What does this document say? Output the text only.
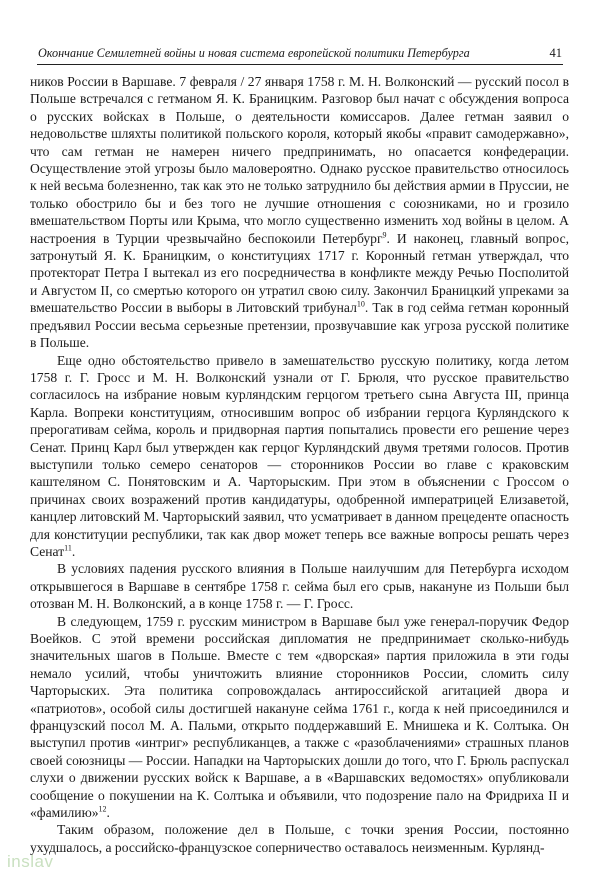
Окончание Семилетней войны и новая система европейской политики Петербурга	41

ников России в Варшаве. 7 февраля / 27 января 1758 г. М. Н. Волконский — русский посол в Польше встречался с гетманом Я. К. Браницким. Разговор был начат с обсуждения вопроса о русских войсках в Польше, о деятельности комиссаров. Далее гетман заявил о недовольстве шляхты политикой польского короля, который якобы «правит самодержавно», что сам гетман не намерен ничего предпринимать, но опасается конфедерации. Осуществление этой угрозы было маловероятно. Однако русское правительство относилось к ней весьма болезненно, так как это не только затруднило бы действия армии в Пруссии, не только обострило бы и без того не лучшие отношения с союзниками, но и грозило вмешательством Порты или Крыма, что могло существенно изменить ход войны в целом. А настроения в Турции чрезвычайно беспокоили Петербург$^9$. И наконец, главный вопрос, затронутый Я. К. Браницким, о конституциях 1717 г. Коронный гетман утверждал, что протекторат Петра I вытекал из его посредничества в конфликте между Речью Посполитой и Августом II, со смертью которого он утратил свою силу. Закончил Браницкий упреками за вмешательство России в выборы в Литовский трибунал$^{10}$. Так в год сейма гетман коронный предъявил России весьма серьезные претензии, прозвучавшие как угроза русской политике в Польше.

Еще одно обстоятельство привело в замешательство русскую политику, когда летом 1758 г. Г. Гросс и М. Н. Волконский узнали от Г. Брюля, что русское правительство согласилось на избрание новым курляндским герцогом третьего сына Августа III, принца Карла. Вопреки конституциям, относившим вопрос об избрании герцога Курляндского к прерогативам сейма, король и придворная партия попытались провести его решение через Сенат. Принц Карл был утвержден как герцог Курляндский двумя третями голосов. Против выступили только семеро сенаторов — сторонников России во главе с краковским каштеляном С. Понятовским и А. Чарторыским. При этом в объяснении с Гроссом о причинах своих возражений против кандидатуры, одобренной императрицей Елизаветой, канцлер литовский М. Чарторыский заявил, что усматривает в данном прецеденте опасность для конституции республики, так как двор может теперь все важные вопросы решать через Сенат$^{11}$.

В условиях падения русского влияния в Польше наилучшим для Петербурга исходом открывшегося в Варшаве в сентябре 1758 г. сейма был его срыв, накануне из Польши был отозван М. Н. Волконский, а в конце 1758 г. — Г. Гросс.

В следующем, 1759 г. русским министром в Варшаве был уже генерал-поручик Федор Воейков. С этой времени российская дипломатия не предпринимает сколько-нибудь значительных шагов в Польше. Вместе с тем «дворская» партия приложила в эти годы немало усилий, чтобы уничтожить влияние сторонников России, сломить силу Чарторыских. Эта политика сопровождалась антироссийской агитацией двора и «патриотов», особой силы достигшей накануне сейма 1761 г., когда к ней присоединился и французский посол М. А. Пальми, открыто поддержавший Е. Мнишека и К. Солтыка. Он выступил против «интриг» республиканцев, а также с «разоблачениями» страшных планов своей союзницы — России. Нападки на Чарторыских дошли до того, что Г. Брюль распускал слухи о движении русских войск к Варшаве, а в «Варшавских ведомостях» опубликовали сообщение о покушении на К. Солтыка и объявили, что подозрение пало на Фридриха II и «фамилию»$^{12}$.

Таким образом, положение дел в Польше, с точки зрения России, постоянно ухудшалось, а российско-французское соперничество оставалось неизменным. Курлянд-

inslav
